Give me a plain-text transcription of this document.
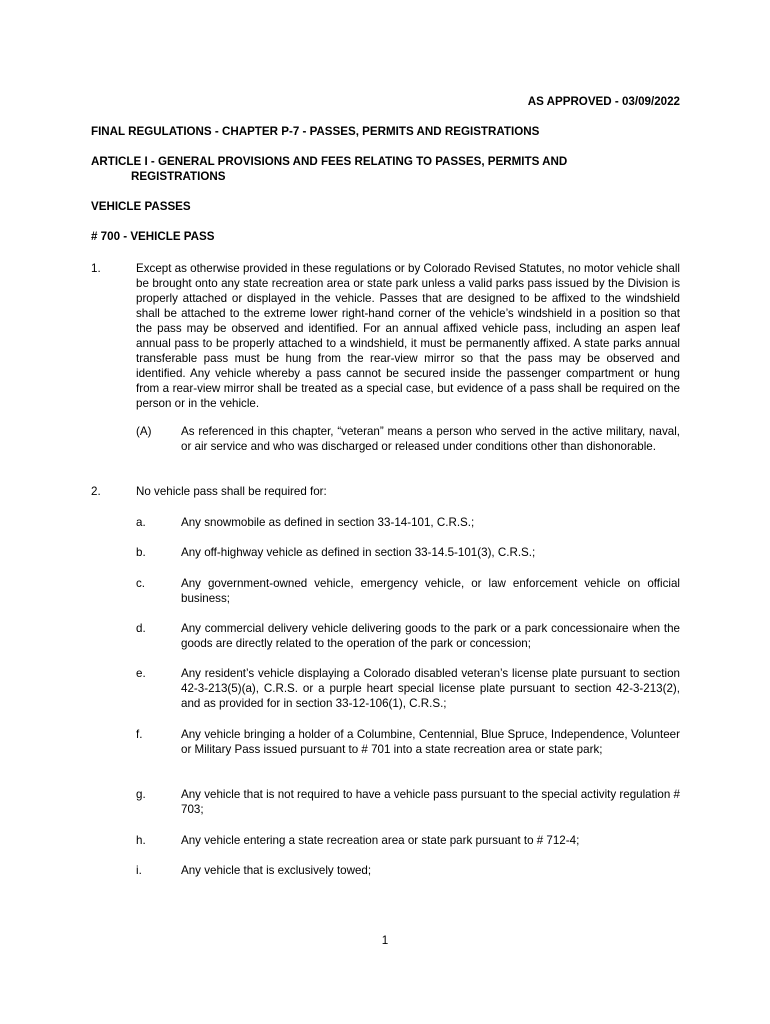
AS APPROVED - 03/09/2022
FINAL REGULATIONS - CHAPTER P-7 - PASSES, PERMITS AND REGISTRATIONS
ARTICLE I - GENERAL PROVISIONS AND FEES RELATING TO PASSES, PERMITS AND
REGISTRATIONS
VEHICLE PASSES
# 700 - VEHICLE PASS
1.	Except as otherwise provided in these regulations or by Colorado Revised Statutes, no motor vehicle shall be brought onto any state recreation area or state park unless a valid parks pass issued by the Division is properly attached or displayed in the vehicle. Passes that are designed to be affixed to the windshield shall be attached to the extreme lower right-hand corner of the vehicle’s windshield in a position so that the pass may be observed and identified. For an annual affixed vehicle pass, including an aspen leaf annual pass to be properly attached to a windshield, it must be permanently affixed. A state parks annual transferable pass must be hung from the rear-view mirror so that the pass may be observed and identified. Any vehicle whereby a pass cannot be secured inside the passenger compartment or hung from a rear-view mirror shall be treated as a special case, but evidence of a pass shall be required on the person or in the vehicle.
(A)	As referenced in this chapter, “veteran” means a person who served in the active military, naval, or air service and who was discharged or released under conditions other than dishonorable.
2.	No vehicle pass shall be required for:
a.	Any snowmobile as defined in section 33-14-101, C.R.S.;
b.	Any off-highway vehicle as defined in section 33-14.5-101(3), C.R.S.;
c.	Any government-owned vehicle, emergency vehicle, or law enforcement vehicle on official business;
d.	Any commercial delivery vehicle delivering goods to the park or a park concessionaire when the goods are directly related to the operation of the park or concession;
e.	Any resident’s vehicle displaying a Colorado disabled veteran’s license plate pursuant to section 42-3-213(5)(a), C.R.S. or a purple heart special license plate pursuant to section 42-3-213(2), and as provided for in section 33-12-106(1), C.R.S.;
f.	Any vehicle bringing a holder of a Columbine, Centennial, Blue Spruce, Independence, Volunteer or Military Pass issued pursuant to # 701 into a state recreation area or state park;
g.	Any vehicle that is not required to have a vehicle pass pursuant to the special activity regulation # 703;
h.	Any vehicle entering a state recreation area or state park pursuant to # 712-4;
i.	Any vehicle that is exclusively towed;
1
